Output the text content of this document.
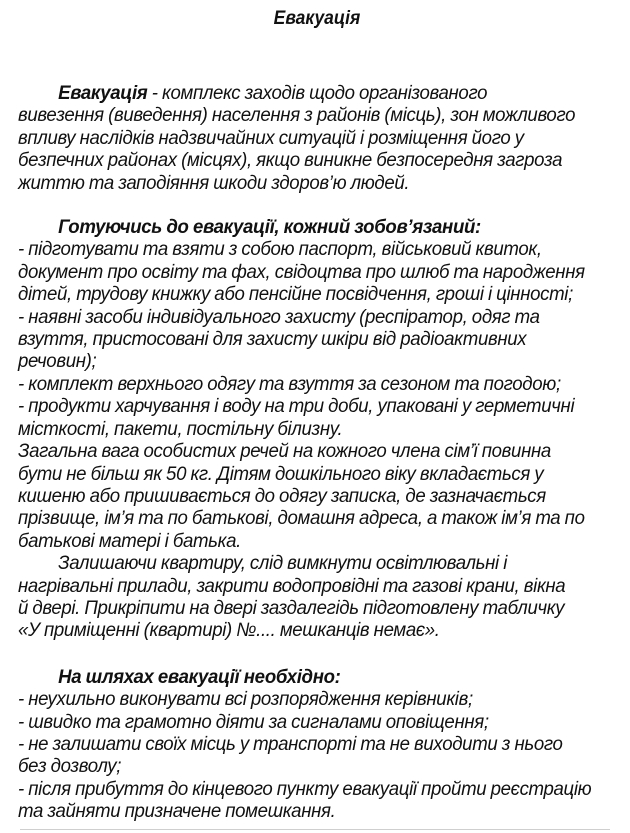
Евакуація
Евакуація - комплекс заходів щодо організованого
вивезення (виведення) населення з районів (місць), зон можливого
впливу наслідків надзвичайних ситуацій і розміщення його у
безпечних районах (місцях), якщо виникне безпосередня загроза
життю та заподіяння шкоди здоров’ю людей.
Готуючись до евакуації, кожний зобов’язаний:
- підготувати та взяти з собою паспорт, військовий квиток,
документ про освіту та фах, свідоцтва про шлюб та народження
дітей, трудову книжку або пенсійне посвідчення, гроші і цінності;
- наявні засоби індивідуального захисту (респіратор, одяг та
взуття, пристосовані для захисту шкіри від радіоактивних
речовин);
- комплект верхнього одягу та взуття за сезоном та погодою;
- продукти харчування і воду на три доби, упаковані у герметичні
місткості, пакети, постільну білизну.
Загальна вага особистих речей на кожного члена сім’ї повинна
бути не більш як 50 кг. Дітям дошкільного віку вкладається у
кишеню або пришивається до одягу записка, де зазначається
прізвище, ім’я та по батькові, домашня адреса, а також ім’я та по
батькові матері і батька.
Залишаючи квартиру, слід вимкнути освітлювальні і
нагрівальні прилади, закрити водопровідні та газові крани, вікна
й двері. Прикріпити на двері заздалегідь підготовлену табличку
«У приміщенні (квартирі) №.... мешканців немає».
На шляхах евакуації необхідно:
- неухильно виконувати всі розпорядження керівників;
- швидко та грамотно діяти за сигналами оповіщення;
- не залишати своїх місць у транспорті та не виходити з нього
без дозволу;
- після прибуття до кінцевого пункту евакуації пройти реєстрацію
та зайняти призначене помешкання.
